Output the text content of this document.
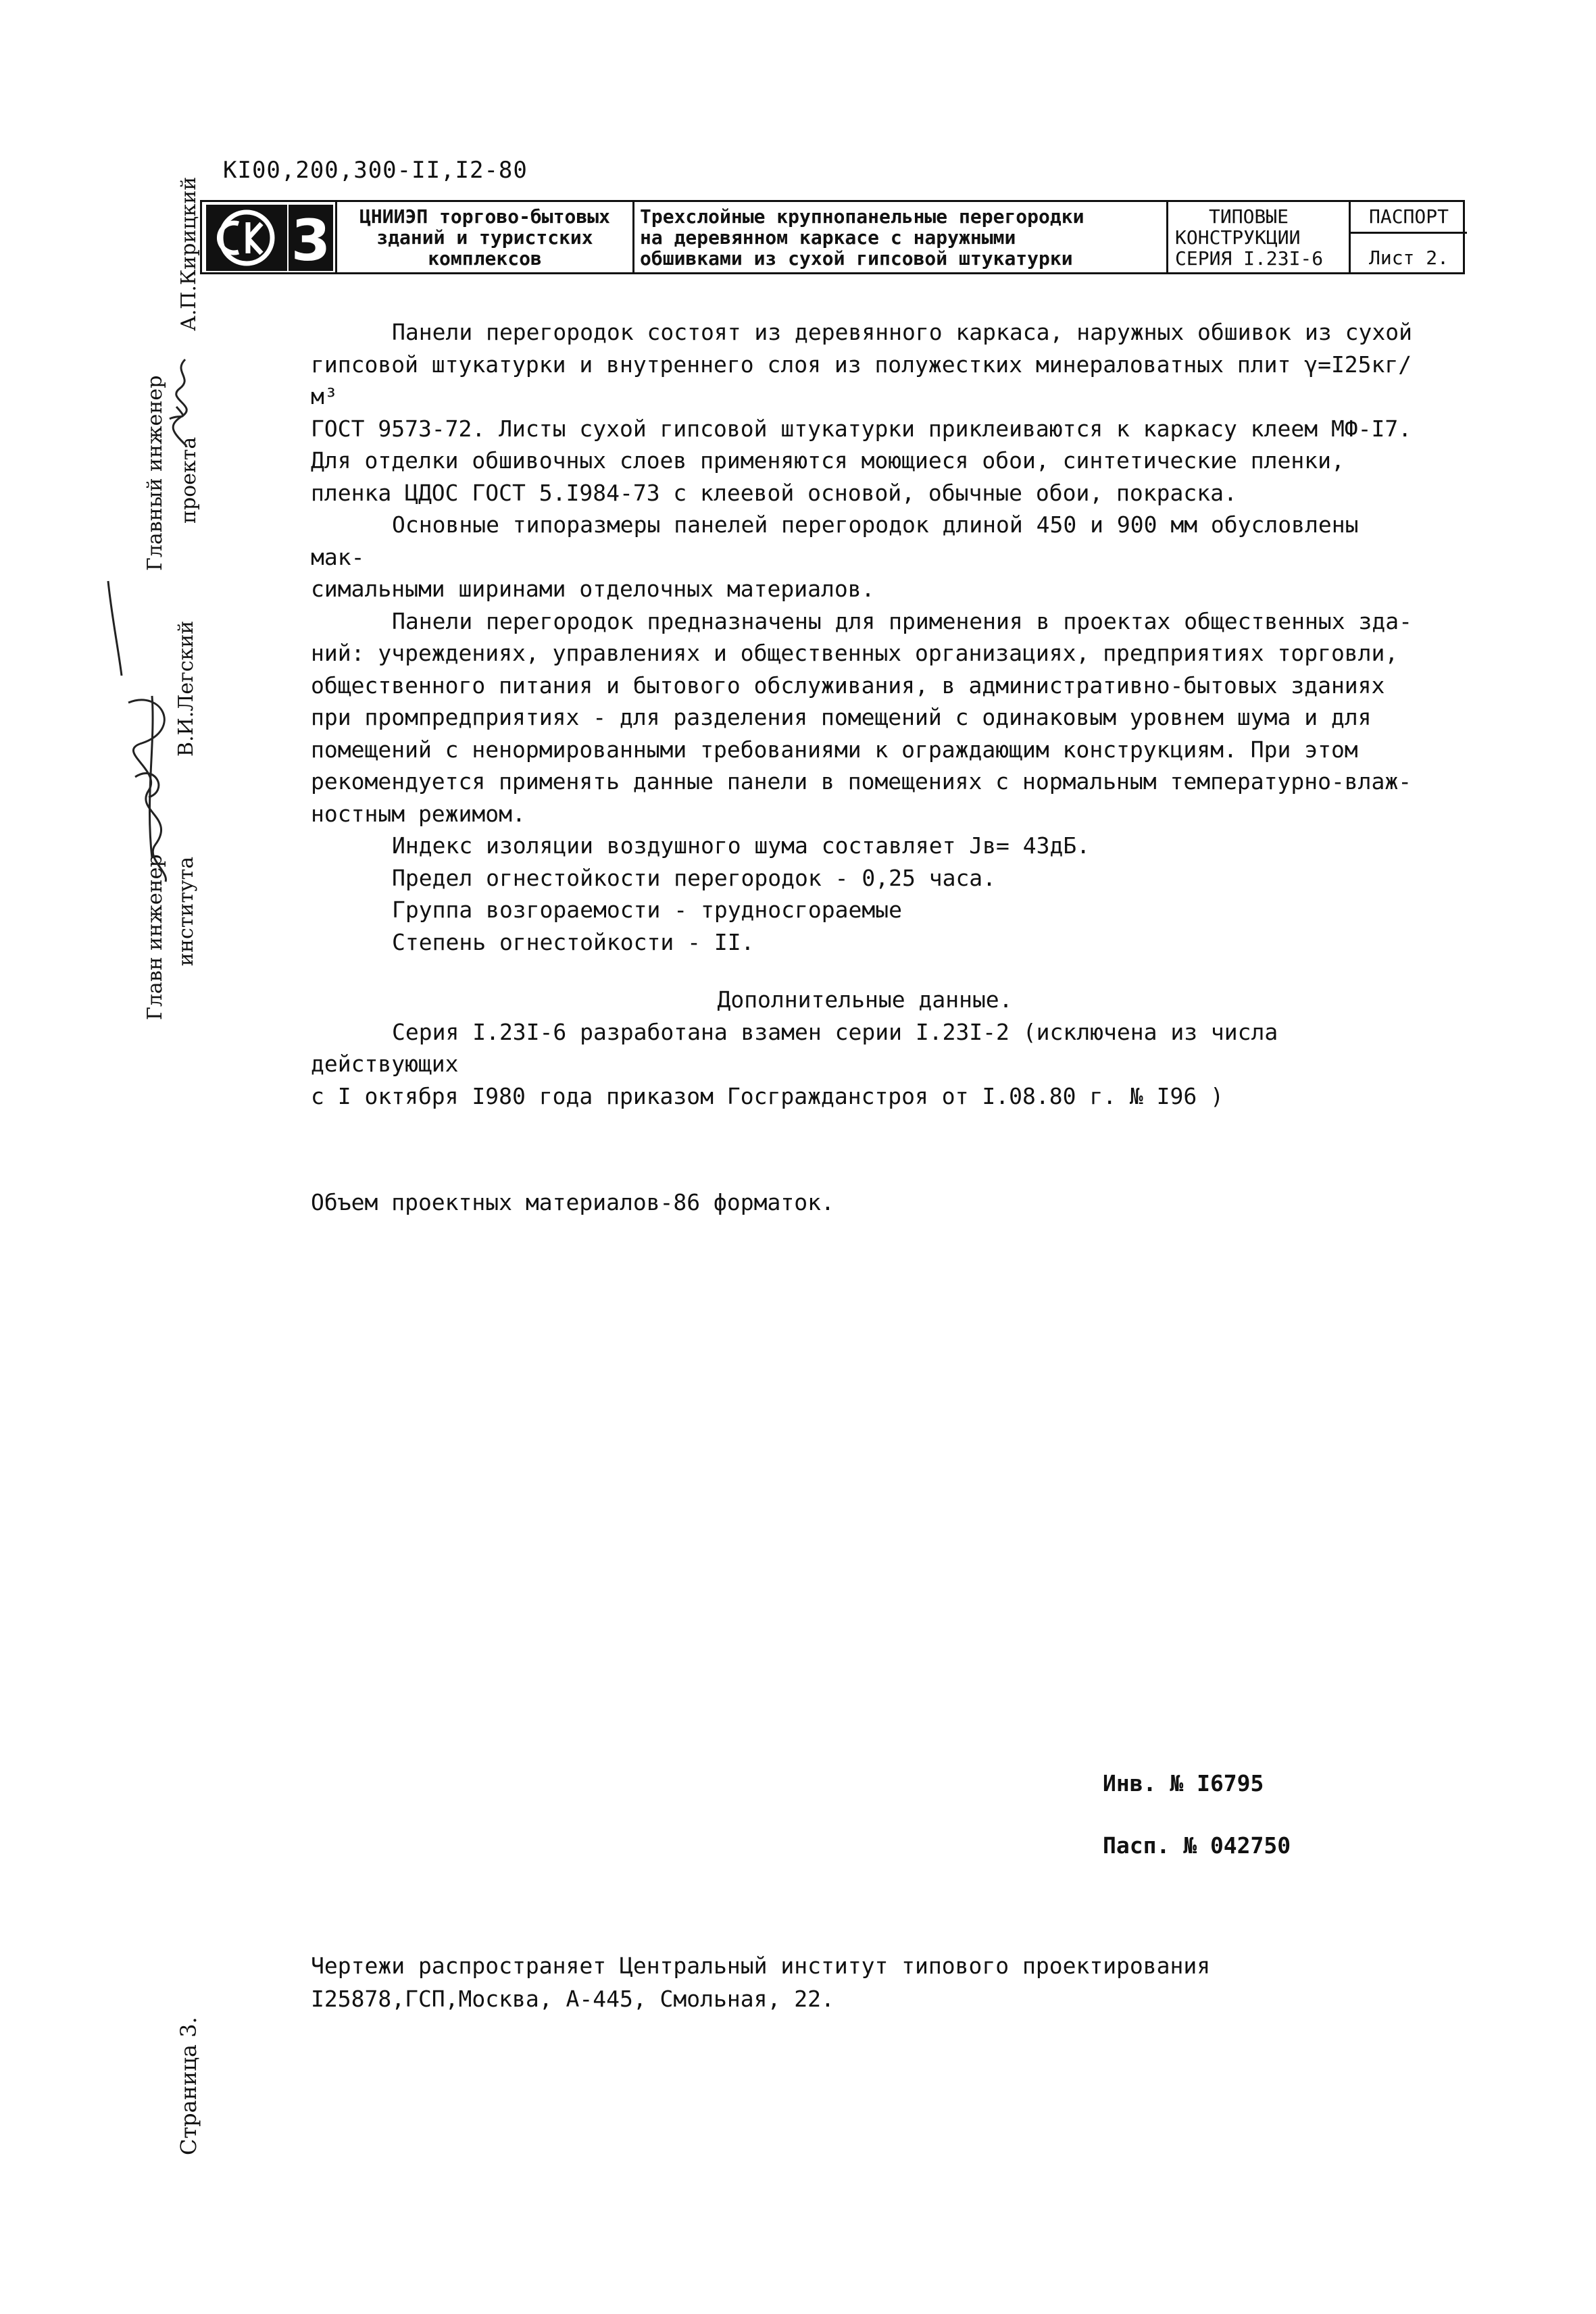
КI00,200,300-II,I2-80
3	ЦНИИЭП торгово-бытовых
зданий и туристских
комплексов
Трехслойные крупнопанельные перегородки
на деревянном каркасе с наружными
обшивками из сухой гипсовой штукатурки
ТИПОВЫЕ
КОНСТРУКЦИИ
СЕРИЯ I.23I-6
ПАСПОРТ
Лист 2.

Панели перегородок состоят из деревянного каркаса, наружных обшивок из сухой

гипсовой штукатурки и внутреннего слоя из полужестких минераловатных плит γ=I25кг/м³

ГОСТ 9573-72. Листы сухой гипсовой штукатурки приклеиваются к каркасу клеем МФ-I7.

Для отделки обшивочных слоев применяются моющиеся обои, синтетические пленки,

пленка ЦДОС ГОСТ 5.I984-73 с клеевой основой, обычные обои, покраска.

Основные типоразмеры панелей перегородок длиной 450 и 900 мм обусловлены мак-

симальными ширинами отделочных материалов.

Панели перегородок предназначены для применения в проектах общественных зда-

ний: учреждениях, управлениях и общественных организациях, предприятиях торговли,

общественного питания и бытового обслуживания, в административно-бытовых зданиях

при промпредприятиях - для разделения помещений с одинаковым уровнем шума и для

помещений с ненормированными требованиями к ограждающим конструкциям. При этом

рекомендуется применять данные панели в помещениях с нормальным температурно-влаж-

ностным режимом.

Индекс изоляции воздушного шума составляет Jв= 43дБ.

Предел огнестойкости перегородок - 0,25 часа.

Группа возгораемости - трудносгораемые

Степень огнестойкости - II.

Дополнительные данные.

Серия I.23I-6 разработана взамен серии I.23I-2 (исключена из числа действующих

с I октября I980 года приказом Госгражданстроя от I.08.80 г. № I96 )

Объем проектных материалов-86 форматок.
Инв. № I6795
Пасп. № 042750
Чертежи распространяет Центральный институт типового проектирования
I25878,ГСП,Москва, А-445, Смольная, 22.
Главный инженер проекта
А.П.Кирицкий
Главн инженер института
В.И.Легский
Страница 3.
